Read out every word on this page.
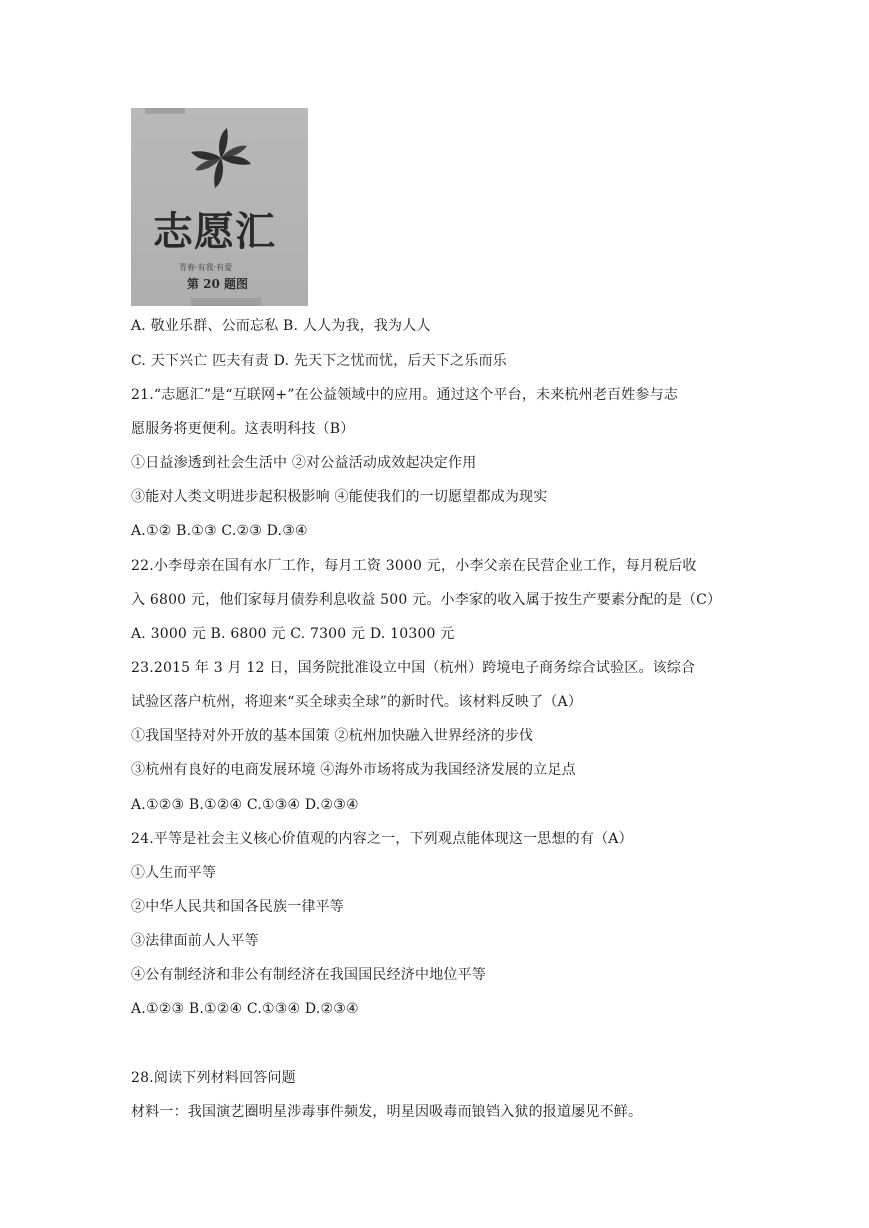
志愿汇
青春·有我·有爱
第 20 题图
A. 敬业乐群、公而忘私 B. 人人为我，我为人人
C. 天下兴亡 匹夫有责 D. 先天下之忧而忧，后天下之乐而乐
21.“志愿汇”是“互联网+”在公益领域中的应用。通过这个平台，未来杭州老百姓参与志
愿服务将更便利。这表明科技（B）
①日益渗透到社会生活中 ②对公益活动成效起决定作用
③能对人类文明进步起积极影响 ④能使我们的一切愿望都成为现实
A.①② B.①③ C.②③ D.③④
22.小李母亲在国有水厂工作，每月工资 3000 元，小李父亲在民营企业工作，每月税后收
入 6800 元，他们家每月债券利息收益 500 元。小李家的收入属于按生产要素分配的是（C）
A. 3000 元 B. 6800 元 C. 7300 元 D. 10300 元
23.2015 年 3 月 12 日，国务院批准设立中国（杭州）跨境电子商务综合试验区。该综合
试验区落户杭州，将迎来“买全球卖全球”的新时代。该材料反映了（A）
①我国坚持对外开放的基本国策 ②杭州加快融入世界经济的步伐
③杭州有良好的电商发展环境 ④海外市场将成为我国经济发展的立足点
A.①②③ B.①②④ C.①③④ D.②③④
24.平等是社会主义核心价值观的内容之一，下列观点能体现这一思想的有（A）
①人生而平等
②中华人民共和国各民族一律平等
③法律面前人人平等
④公有制经济和非公有制经济在我国国民经济中地位平等
A.①②③ B.①②④ C.①③④ D.②③④
28.阅读下列材料回答问题
材料一：我国演艺圈明星涉毒事件频发，明星因吸毒而锒铛入狱的报道屡见不鲜。
